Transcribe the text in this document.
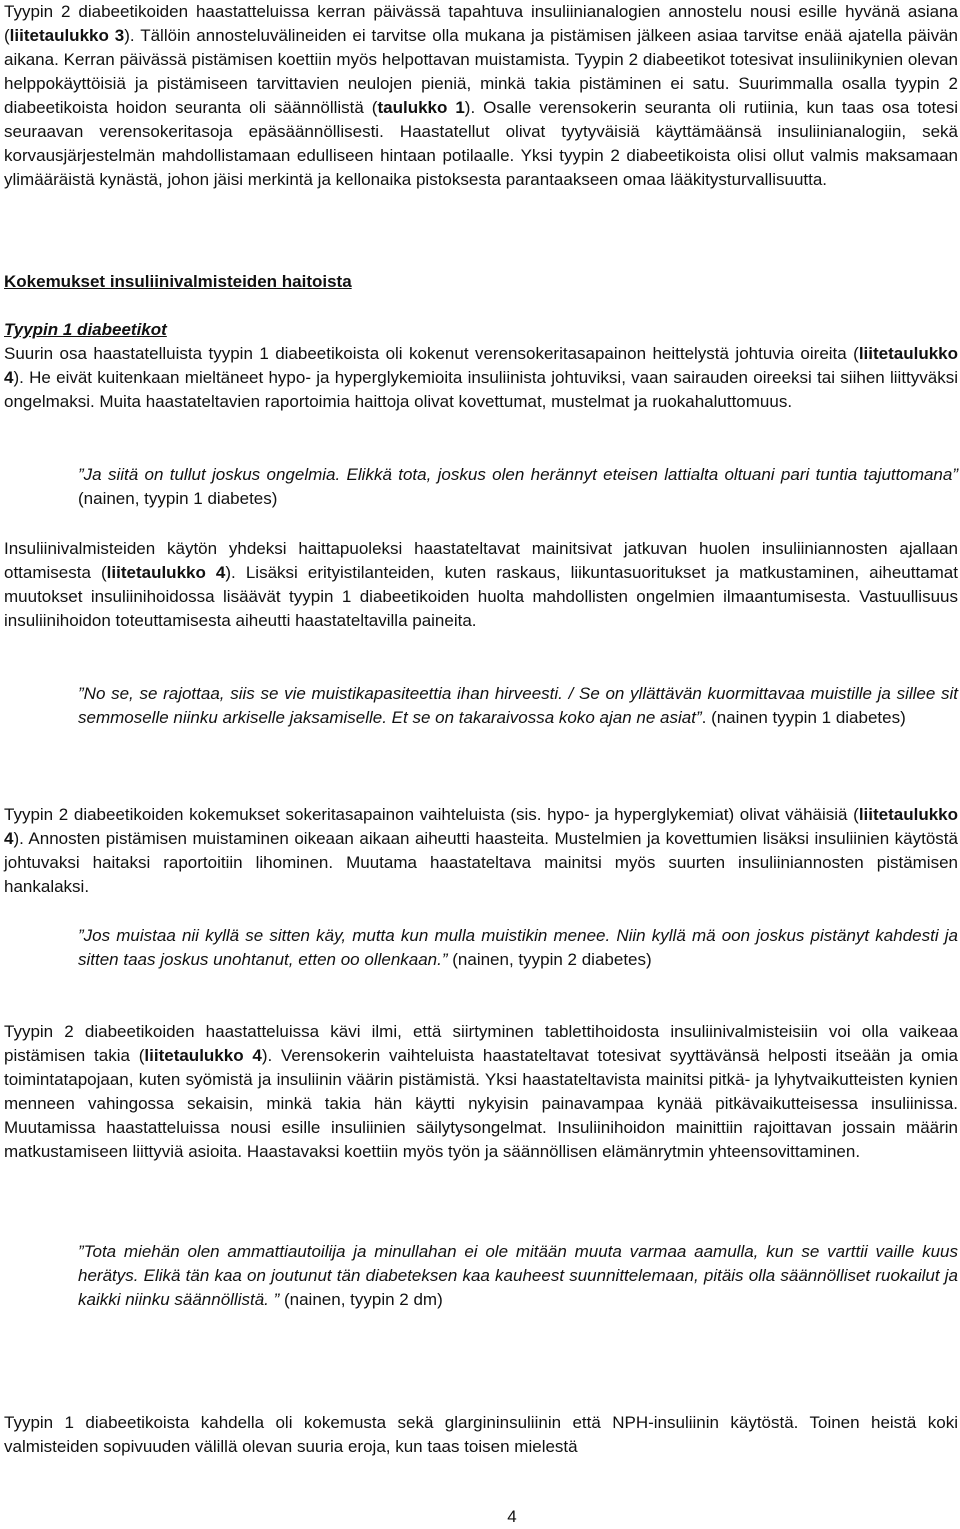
Tyypin 2 diabeetikoiden haastatteluissa kerran päivässä tapahtuva insuliinianalogien annostelu nousi esille hyvänä asiana (liitetaulukko 3). Tällöin annosteluvälineiden ei tarvitse olla mukana ja pistämisen jälkeen asiaa tarvitse enää ajatella päivän aikana. Kerran päivässä pistämisen koettiin myös helpottavan muistamista. Tyypin 2 diabeetikot totesivat insuliinikynien olevan helppokäyttöisiä ja pistämiseen tarvittavien neulojen pieniä, minkä takia pistäminen ei satu. Suurimmalla osalla tyypin 2 diabeetikoista hoidon seuranta oli säännöllistä (taulukko 1). Osalle verensokerin seuranta oli rutiinia, kun taas osa totesi seuraavan verensokeritasoja epäsäännöllisesti. Haastatellut olivat tyytyväisiä käyttämäänsä insuliinianalogiin, sekä korvausjärjestelmän mahdollistamaan edulliseen hintaan potilaalle. Yksi tyypin 2 diabeetikoista olisi ollut valmis maksamaan ylimääräistä kynästä, johon jäisi merkintä ja kellonaika pistoksesta parantaakseen omaa lääkitysturvallisuutta.

Kokemukset insuliinivalmisteiden haitoista
Tyypin 1 diabeetikot

Suurin osa haastatelluista tyypin 1 diabeetikoista oli kokenut verensokeritasapainon heittelystä johtuvia oireita (liitetaulukko 4). He eivät kuitenkaan mieltäneet hypo- ja hyperglykemioita insuliinista johtuviksi, vaan sairauden oireeksi tai siihen liittyväksi ongelmaksi. Muita haastateltavien raportoimia haittoja olivat kovettumat, mustelmat ja ruokahaluttomuus.

”Ja siitä on tullut joskus ongelmia. Elikkä tota, joskus olen herännyt eteisen lattialta oltuani pari tuntia tajuttomana” (nainen, tyypin 1 diabetes)

Insuliinivalmisteiden käytön yhdeksi haittapuoleksi haastateltavat mainitsivat jatkuvan huolen insuliiniannosten ajallaan ottamisesta (liitetaulukko 4). Lisäksi erityistilanteiden, kuten raskaus, liikuntasuoritukset ja matkustaminen, aiheuttamat muutokset insuliinihoidossa lisäävät tyypin 1 diabeetikoiden huolta mahdollisten ongelmien ilmaantumisesta. Vastuullisuus insuliinihoidon toteuttamisesta aiheutti haastateltavilla paineita.

”No se, se rajottaa, siis se vie muistikapasiteettia ihan hirveesti. / Se on yllättävän kuormittavaa muistille ja sillee sit semmoselle niinku arkiselle jaksamiselle. Et se on takaraivossa koko ajan ne asiat”. (nainen tyypin 1 diabetes)

Tyypin 2 diabeetikoiden kokemukset sokeritasapainon vaihteluista (sis. hypo- ja hyperglykemiat) olivat vähäisiä (liitetaulukko 4). Annosten pistämisen muistaminen oikeaan aikaan aiheutti haasteita. Mustelmien ja kovettumien lisäksi insuliinien käytöstä johtuvaksi haitaksi raportoitiin lihominen. Muutama haastateltava mainitsi myös suurten insuliiniannosten pistämisen hankalaksi.

”Jos muistaa nii kyllä se sitten käy, mutta kun mulla muistikin menee. Niin kyllä mä oon joskus pistänyt kahdesti ja sitten taas joskus unohtanut, etten oo ollenkaan.” (nainen, tyypin 2 diabetes)

Tyypin 2 diabeetikoiden haastatteluissa kävi ilmi, että siirtyminen tablettihoidosta insuliinivalmisteisiin voi olla vaikeaa pistämisen takia (liitetaulukko 4). Verensokerin vaihteluista haastateltavat totesivat syyttävänsä helposti itseään ja omia toimintatapojaan, kuten syömistä ja insuliinin väärin pistämistä. Yksi haastateltavista mainitsi pitkä- ja lyhytvaikutteisten kynien menneen vahingossa sekaisin, minkä takia hän käytti nykyisin painavampaa kynää pitkävaikutteisessa insuliinissa. Muutamissa haastatteluissa nousi esille insuliinien säilytysongelmat. Insuliinihoidon mainittiin rajoittavan jossain määrin matkustamiseen liittyviä asioita. Haastavaksi koettiin myös työn ja säännöllisen elämänrytmin yhteensovittaminen.

”Tota miehän olen ammattiautoilija ja minullahan ei ole mitään muuta varmaa aamulla, kun se varttii vaille kuus herätys. Elikä tän kaa on joutunut tän diabeteksen kaa kauheest suunnittelemaan, pitäis olla säännölliset ruokailut ja kaikki niinku säännöllistä. ” (nainen, tyypin 2 dm)

Tyypin 1 diabeetikoista kahdella oli kokemusta sekä glargininsuliinin että NPH-insuliinin käytöstä. Toinen heistä koki valmisteiden sopivuuden välillä olevan suuria eroja, kun taas toisen mielestä

4
